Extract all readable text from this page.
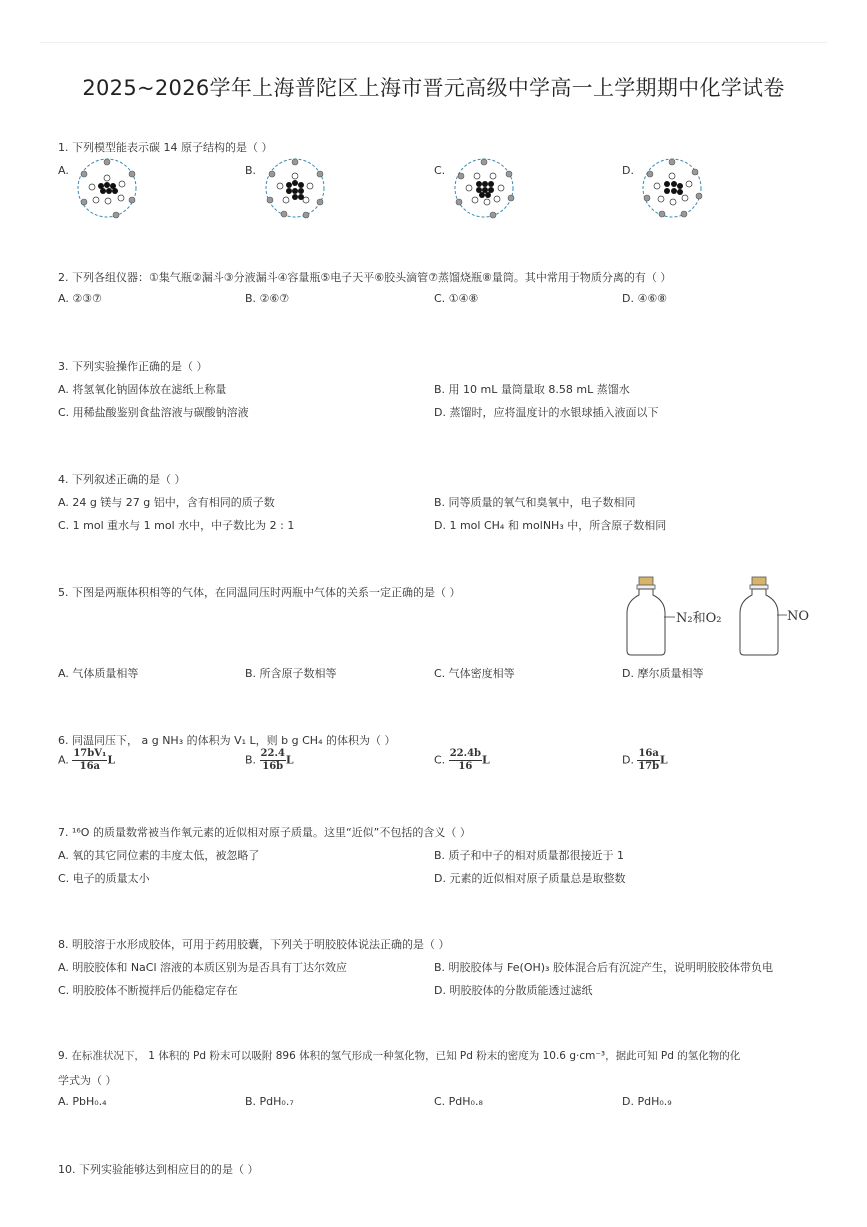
2025~2026学年上海普陀区上海市晋元高级中学高一上学期期中化学试卷
1. 下列模型能表示碳 14 原子结构的是（ ）
A.	B.	C.	D.
2. 下列各组仪器：①集气瓶②漏斗③分液漏斗④容量瓶⑤电子天平⑥胶头滴管⑦蒸馏烧瓶⑧量筒。其中常用于物质分离的有（ ）
A. ②③⑦	B. ②⑥⑦	C. ①④⑧	D. ④⑥⑧
3. 下列实验操作正确的是（ ）
A. 将氢氧化钠固体放在滤纸上称量	B. 用 10 mL 量筒量取 8.58 mL 蒸馏水
C. 用稀盐酸鉴别食盐溶液与碳酸钠溶液	D. 蒸馏时，应将温度计的水银球插入液面以下
4. 下列叙述正确的是（ ）
A. 24 g 镁与 27 g 铝中，含有相同的质子数	B. 同等质量的氧气和臭氧中，电子数相同
C. 1 mol 重水与 1 mol 水中，中子数比为 2 : 1	D. 1 mol CH₄ 和 molNH₃ 中，所含原子数相同
5. 下图是两瓶体积相等的气体，在同温同压时两瓶中气体的关系一定正确的是（ ）
N₂和O₂	NO
A. 气体质量相等	B. 所含原子数相等	C. 气体密度相等	D. 摩尔质量相等
6. 同温同压下， a g NH₃ 的体积为 V₁ L，则 b g CH₄ 的体积为（ ）
A. $\frac{\text{17bV₁}}{16a}$ L	B. $\frac{22.4}{16b}$ L	C. $\frac{22.4b}{16}$ L	D. $\frac{16a}{17b}$ L
7. ¹⁶O 的质量数常被当作氧元素的近似相对原子质量。这里“近似”不包括的含义（ ）
A. 氧的其它同位素的丰度太低，被忽略了	B. 质子和中子的相对质量都很接近于 1
C. 电子的质量太小	D. 元素的近似相对原子质量总是取整数
8. 明胶溶于水形成胶体，可用于药用胶囊，下列关于明胶胶体说法正确的是（ ）
A. 明胶胶体和 NaCl 溶液的本质区别为是否具有丁达尔效应	B. 明胶胶体与 Fe(OH)₃ 胶体混合后有沉淀产生，说明明胶胶体带负电
C. 明胶胶体不断搅拌后仍能稳定存在	D. 明胶胶体的分散质能透过滤纸
9. 在标准状况下， 1 体积的 Pd 粉末可以吸附 896 体积的氢气形成一种氢化物，已知 Pd 粉末的密度为 10.6 g·cm⁻³，据此可知 Pd 的氢化物的化
学式为（ ）
A. PbH₀.₄	B. PdH₀.₇	C. PdH₀.₈	D. PdH₀.₉
10. 下列实验能够达到相应目的的是（ ）
